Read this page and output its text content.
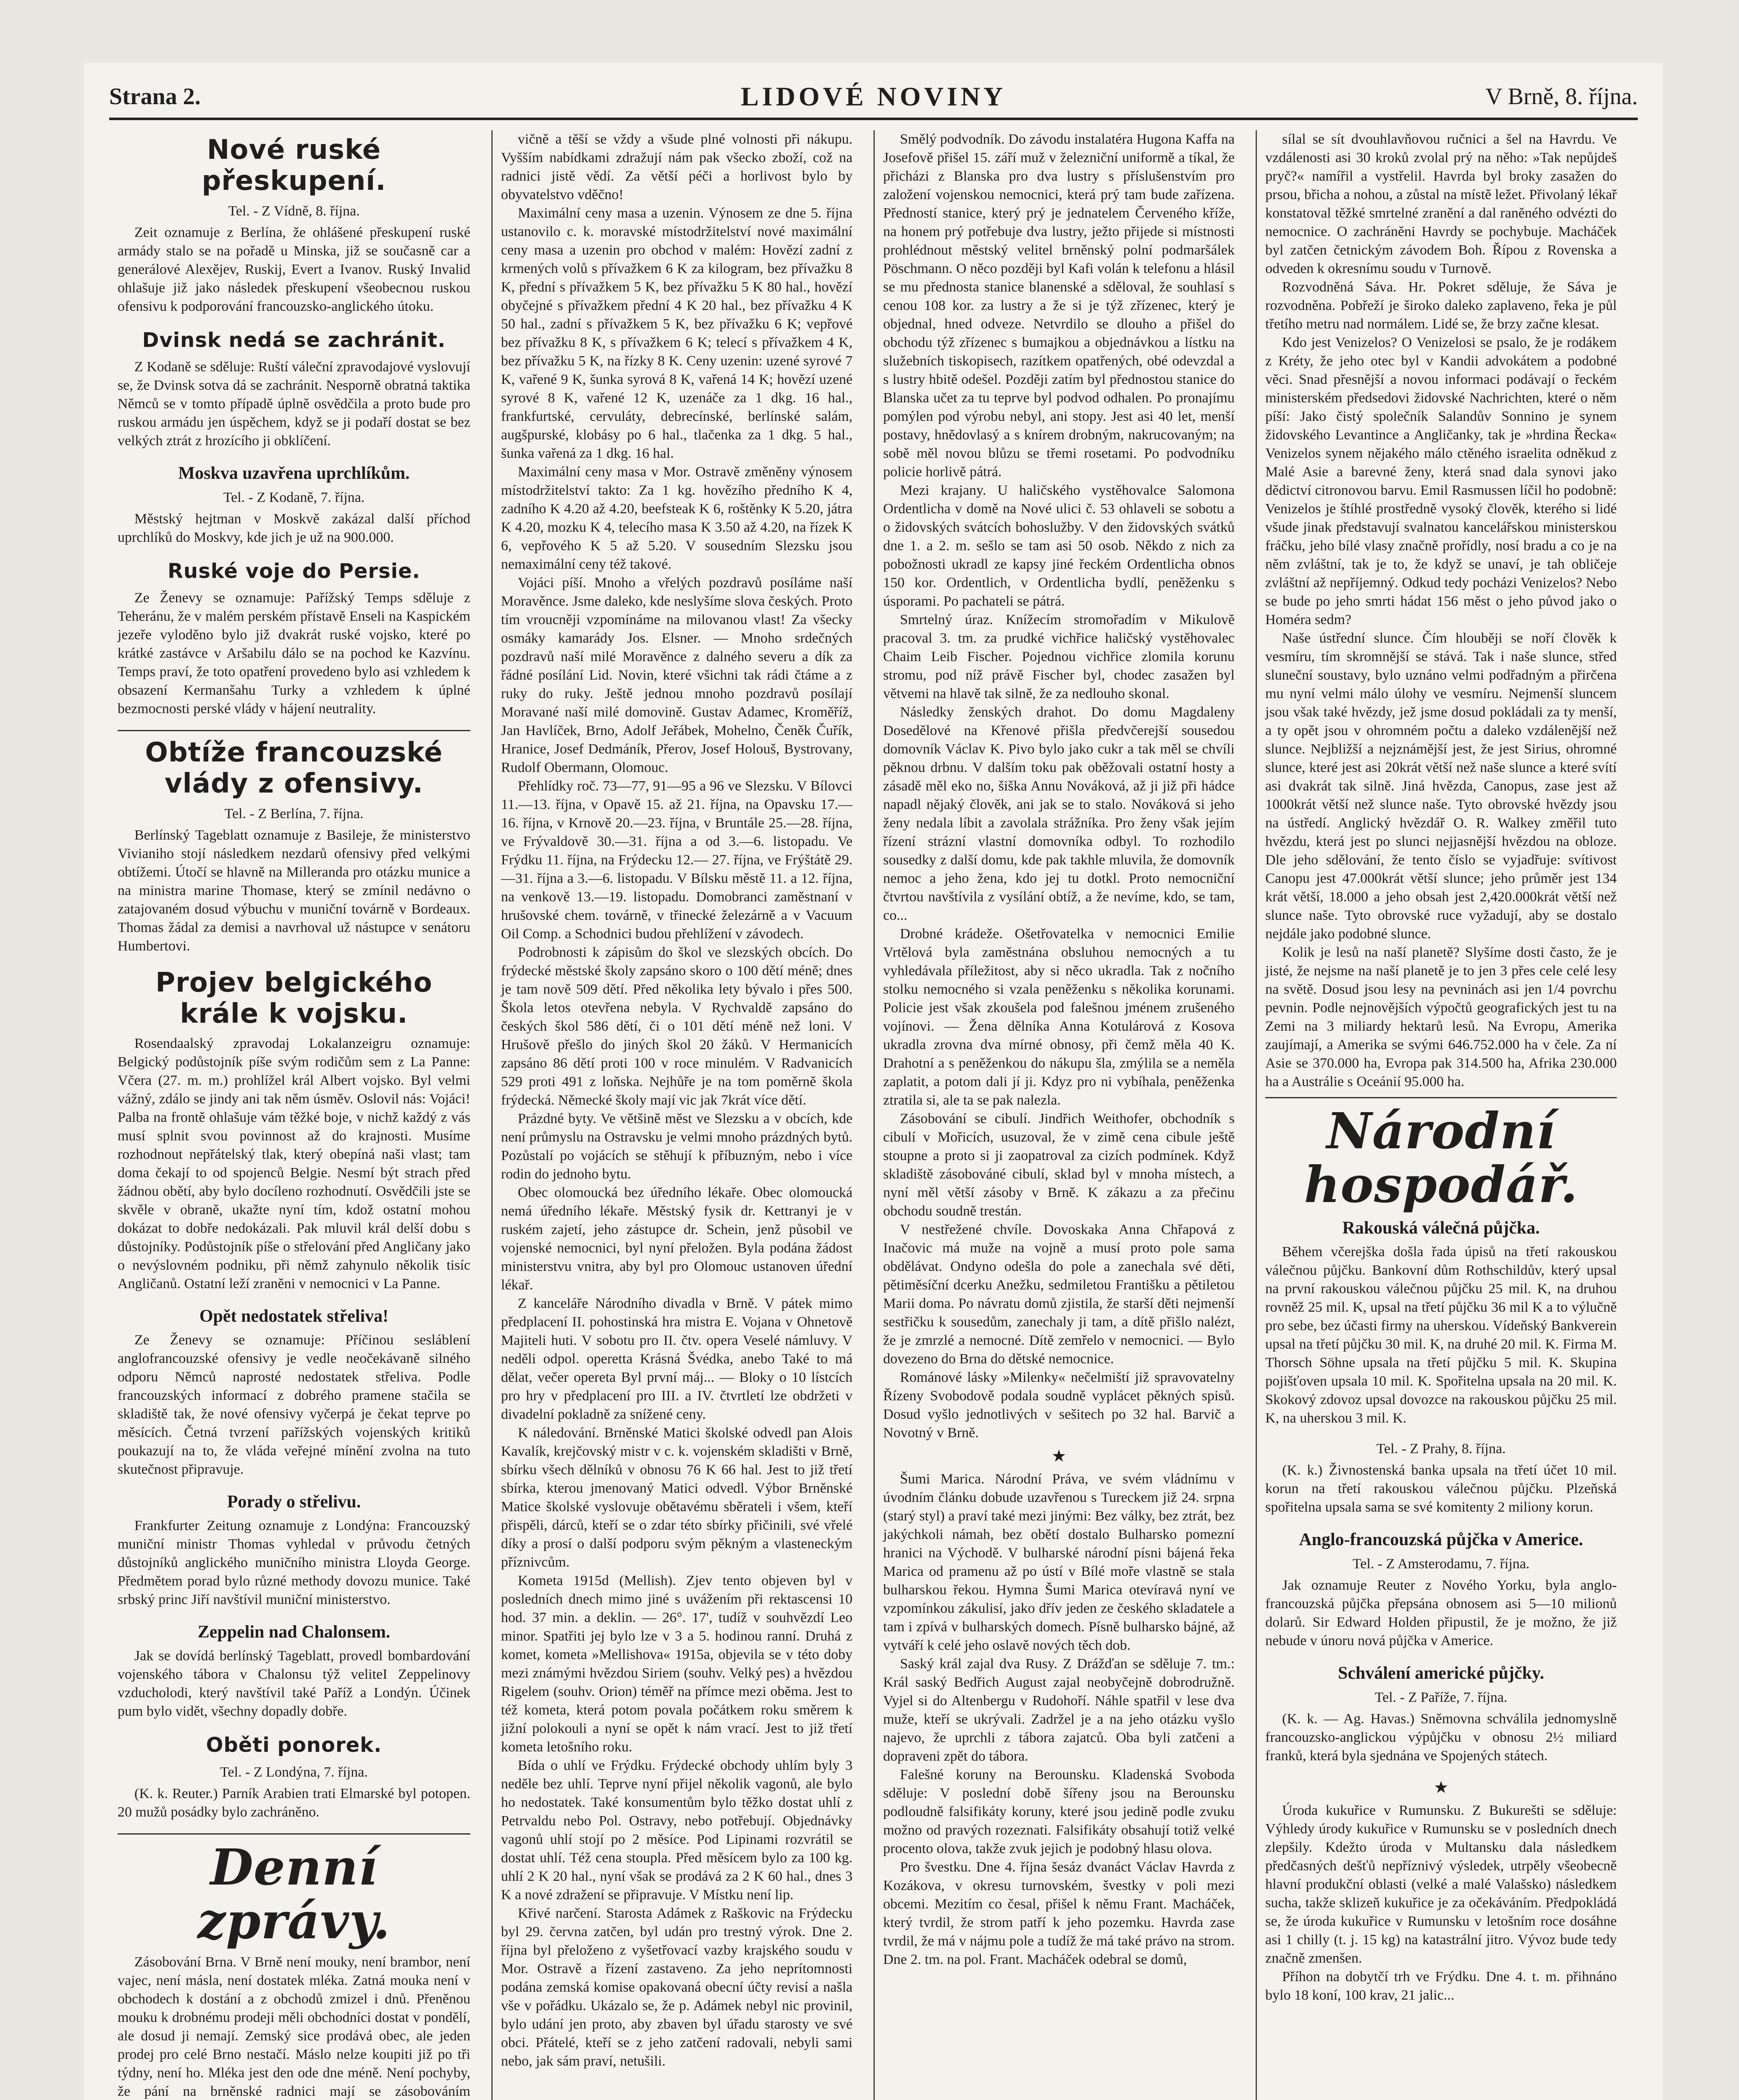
Strana 2.	LIDOVÉ NOVINY	V Brně, 8. října.
Nové ruské přeskupení.
Tel. - Z Vídně, 8. října.

Zeit oznamuje z Berlína, že ohlášené přeskupení ruské armády stalo se na pořadě u Minska, již se současně car a generálové Alexějev, Ruskij, Evert a Ivanov. Ruský Invalid ohlašuje již jako následek přeskupení všeobecnou ruskou ofensivu k podporování francouzsko-anglického útoku.

Dvinsk nedá se zachránit.

Z Kodaně se sděluje: Ruští váleční zpravodajové vyslovují se, že Dvinsk sotva dá se zachránit. Nesporně obratná taktika Němců se v tomto případě úplně osvědčila a proto bude pro ruskou armádu jen úspěchem, když se ji podaří dostat se bez velkých ztrát z hrozícího ji obklíčení.

Moskva uzavřena uprchlíkům.
Tel. - Z Kodaně, 7. října.

Městský hejtman v Moskvě zakázal další příchod uprchlíků do Moskvy, kde jich je už na 900.000.

Ruské voje do Persie.

Ze Ženevy se oznamuje: Pařížský Temps sděluje z Teheránu, že v malém perském přístavě Enseli na Kaspickém jezeře vyloděno bylo již dvakrát ruské vojsko, které po krátké zastávce v Aršabilu dálo se na pochod ke Kazvínu. Temps praví, že toto opatření provedeno bylo asi vzhledem k obsazení Kermanšahu Turky a vzhledem k úplné bezmocnosti perské vlády v hájení neutrality.

Obtíže francouzské vlády z ofensivy.
Tel. - Z Berlína, 7. října.

Berlínský Tageblatt oznamuje z Basileje, že ministerstvo Vivianiho stojí následkem nezdarů ofensivy před velkými obtížemi. Útočí se hlavně na Millerandа pro otázku munice a na ministra marine Thomase, který se zmínil nedávno o zatajovaném dosud výbuchu v muniční továrně v Bordeaux. Thomas žádal za demisi a navrhoval už nástupce v senátoru Humbertovi.

Projev belgického krále k vojsku.

Rosendaalský zpravodaj Lokalanzeigru oznamuje: Belgický podůstojník píše svým rodičům sem z La Panne: Včera (27. m. m.) prohlížel král Albert vojsko. Byl velmi vážný, zdálo se jindy ani tak něm úsměv. Oslovil nás: Vojáci! Palba na frontě ohlašuje vám těžké boje, v nichž každý z vás musí splnit svou povinnost až do krajnosti. Musíme rozhodnout nepřátelský tlak, který obepíná naši vlast; tam doma čekají to od spojenců Belgie. Nesmí být strach před žádnou obětí, aby bylo docíleno rozhodnutí. Osvědčili jste se skvěle v obraně, ukažte nyní tím, kdož ostatní mohou dokázat to dobře nedokázali. Pak mluvil král delší dobu s důstojníky. Podůstojník píše o střelování před Angličany jako o nevýslovném podniku, při němž zahynulo několik tisíc Angličanů. Ostatní leží zraněni v nemocnici v La Panne.

Opět nedostatek střeliva!

Ze Ženevy se oznamuje: Příčinou sesláblení anglofrancouzské ofensivy je vedle neočekávaně silného odporu Němců naprosté nedostatek střeliva. Podle francouzských informací z dobrého pramene stačila se skladiště tak, že nové ofensivy vyčerpá je čekat teprve po měsících. Četná tvrzení pařížských vojenských kritiků poukazují na to, že vláda veřejné mínění zvolna na tuto skutečnost připravuje.

Porady o střelivu.

Frankfurter Zeitung oznamuje z Londýna: Francouzský muniční ministr Thomas vyhledal v průvodu četných důstojníků anglického muničního ministra Lloyda George. Předmětem porad bylo různé methody dovozu munice. Také srbský princ Jiří navštívil muniční ministerstvo.

Zeppelin nad Chalonsem.

Jak se dovídá berlínský Tageblatt, provedl bombardování vojenského tábora v Chalonsu týž veliteI Zeppelinovy vzducholodi, který navštívil také Paříž a Londýn. Účinek pum bylo vidět, všechny dopadly dobře.

Oběti ponorek.
Tel. - Z Londýna, 7. října.

(K. k. Reuter.) Parník Arabien trati Elmarské byl potopen. 20 mužů posádky bylo zachráněno.

Denní zprávy.

Zásobování Brna. V Brně není mouky, není brambor, není vajec, není másla, není dostatek mléka. Zatná mouka není v obchodech k dostání a z obchodů zmizel i dnů. Přeněnou mouku k drobnému prodeji měli obchodníci dostat v pondělí, ale dosud ji nemají. Zemský sice prodává obec, ale jeden prodej pro celé Brno nestačí. Máslo nelze koupiti již po tři týdny, není ho. Mléka jest den ode dne méně. Není pochyby, že pání na brněnské radnici mají se zásobováním

vičně a těší se vždy a všude plné volnosti při nákupu. Vyšším nabídkami zdražují nám pak všecko zboží, což na radnici jistě vědí. Za větší péči a horlivost bylo by obyvatelstvo vděčno!

Maximální ceny masa a uzenin. Výnosem ze dne 5. října ustanovilo c. k. moravské místodržitelství nové maximální ceny masa a uzenin pro obchod v malém: Hovězí zadní z krmených volů s přívažkem 6 K za kilogram, bez přívažku 8 K, přední s přívažkem 5 K, bez přívažku 5 K 80 hal., hovězí obyčejné s přívažkem přední 4 K 20 hal., bez přívažku 4 K 50 hal., zadní s přívažkem 5 K, bez přívažku 6 K; vepřové bez přívažku 8 K, s přívažkem 6 K; telecí s přívažkem 4 K, bez přívažku 5 K, na řízky 8 K. Ceny uzenin: uzené syrové 7 K, vařené 9 K, šunka syrová 8 K, vařená 14 K; hovězí uzené syrové 8 K, vařené 12 K, uzenáče za 1 dkg. 16 hal., frankfurtské, cervuláty, debrecínské, berlínské salám, augšpurské, klobásy po 6 hal., tlačenka za 1 dkg. 5 hal., šunka vařená za 1 dkg. 16 hal.

Maximální ceny masa v Mor. Ostravě změněny výnosem místodržitelství takto: Za 1 kg. hovězího předního K 4, zadního K 4.20 až 4.20, beefsteak K 6, roštěnky K 5.20, játra K 4.20, mozku K 4, telecího masa K 3.50 až 4.20, na řízek K 6, vepřového K 5 až 5.20. V sousedním Slezsku jsou nemaximální ceny též takové.

Vojáci píší. Mnoho a vřelých pozdravů posíláme naší Moravěnce. Jsme daleko, kde neslyšíme slova českých. Proto tím vroucněji vzpomínáme na milovanou vlast! Za všecky osmáky kamarády Jos. Elsner. — Mnoho srdečných pozdravů naší milé Moravěnce z dalného severu a dík za řádné posílání Lid. Novin, které všichni tak rádi čtáme a z ruky do ruky. Ještě jednou mnoho pozdravů posílají Moravané naší milé domovině. Gustav Adamec, Kroměříž, Jan Havlíček, Brno, Adolf Jeřábek, Mohelno, Čeněk Čuřík, Hranice, Josef Dedmáník, Přerov, Josef Holouš, Bystrovany, Rudolf Obermann, Olomouc.

Přehlídky roč. 73—77, 91—95 a 96 ve Slezsku. V Bílovci 11.—13. října, v Opavě 15. až 21. října, na Opavsku 17.—16. října, v Krnově 20.—23. října, v Bruntále 25.—28. října, ve Frývaldově 30.—31. října a od 3.—6. listopadu. Ve Frýdku 11. října, na Frýdecku 12.— 27. října, ve Frýštátě 29.—31. října a 3.—6. listopadu. V Bílsku městě 11. a 12. října, na venkově 13.—19. listopadu. Domobranci zaměstnaní v hrušovské chem. továrně, v třinecké železárně a v Vacuum Oil Comp. a Schodnici budou přehlížení v závodech.

Podrobnosti k zápisům do škol ve slezských obcích. Do frýdecké městské školy zapsáno skoro o 100 dětí méně; dnes je tam nově 509 dětí. Před několika lety bývalo i přes 500. Škola letos otevřena nebyla. V Rychvaldě zapsáno do českých škol 586 dětí, či o 101 dětí méně než loni. V Hrušově přešlo do jiných škol 20 žáků. V Hermanicích zapsáno 86 dětí proti 100 v roce minulém. V Radvanicích 529 proti 491 z loňska. Nejhůře je na tom poměrně škola frýdecká. Německé školy mají vic jak 7krát více dětí.

Prázdné byty. Ve většině měst ve Slezsku a v obcích, kde není průmyslu na Ostravsku je velmi mnoho prázdných bytů. Pozůstalí po vojácích se stěhují k příbuzným, nebo i více rodin do jednoho bytu.

Obec olomoucká bez úředního lékaře. Obec olomoucká nemá úředního lékaře. Městský fysik dr. Kettranyi je v ruském zajetí, jeho zástupce dr. Schein, jenž působil ve vojenské nemocnici, byl nyní přeložen. Byla podána žádost ministerstvu vnitra, aby byl pro Olomouc ustanoven úřední lékař.

Z kanceláře Národního divadla v Brně. V pátek mimo předplacení II. pohostinská hra mistra E. Vojana v Ohnetově Majiteli huti. V sobotu pro II. čtv. opera Veselé námluvy. V neděli odpol. operetta Krásná Švédka, anebo Také to má dělat, večer opereta Byl první máj... — Bloky o 10 lístcích pro hry v předplacení pro III. a IV. čtvrtletí lze obdržeti v divadelní pokladně za snížené ceny.

K náledování. Brněnské Matici školské odvedl pan Alois Kavalík, krejčovský mistr v c. k. vojenském skladišti v Brně, sbírku všech dělníků v obnosu 76 K 66 hal. Jest to již třetí sbírka, kterou jmenovaný Matici odvedl. Výbor Brněnské Matice školské vyslovuje obětavému sběrateli i všem, kteří přispěli, dárců, kteří se o zdar této sbírky přičinili, své vřelé díky a prosí o další podporu svým pěkným a vlasteneckým příznivcům.

Kometa 1915d (Mellish). Zjev tento objeven byl v posledních dnech mimo jiné s uvážením při rektascensi 10 hod. 37 min. a deklin. — 26°. 17', tudíž v souhvězdí Leo minor. Spatřiti jej bylo lze v 3 a 5. hodinou ranní. Druhá z komet, kometa »Mellishova« 1915a, objevila se v této doby mezi známými hvězdou Siriem (souhv. Velký pes) a hvězdou Rigelem (souhv. Orion) téměř na přímce mezi oběma. Jest to též kometa, která potom povala počátkem roku směrem k jižní polokouli a nyní se opět k nám vrací. Jest to již třetí kometa letošního roku.

Bída o uhlí ve Frýdku. Frýdecké obchody uhlím byly 3 neděle bez uhlí. Teprve nyní přijel několik vagonů, ale bylo ho nedostatek. Také konsumentům bylo těžko dostat uhlí z Petrvaldu nebo Pol. Ostravy, nebo potřebují. Objednávky vagonů uhlí stojí po 2 měsíce. Pod Lipinami rozvrátil se dostat uhlí. Též cena stoupla. Před měsícem bylo za 100 kg. uhlí 2 K 20 hal., nyní však se prodává za 2 K 60 hal., dnes 3 K a nové zdražení se připravuje. V Místku není lip.

Křivé narčení. Starosta Adámek z Raškovic na Frýdecku byl 29. června zatčen, byl udán pro trestný výrok. Dne 2. října byl přeloženo z vyšetřovací vazby krajského soudu v Mor. Ostravě a řízení zastaveno. Za jeho neprítomnosti podána zemská komise opakovaná obecní účty revisí a našla vše v pořádku. Ukázalo se, že p. Adámek nebyl nic provinil, bylo udání jen proto, aby zbaven byl úřadu starosty ve své obci. Přátelé, kteří se z jeho zatčení radovali, nebyli sami nebo, jak sám praví, netušili.

Smělý podvodník. Do závodu instalatéra Hugona Kaffa na Josefově přišel 15. září muž v železniční uniformě a tíkal, že přicházi z Blanska pro dva lustry s příslušenstvím pro založení vojenskou nemocnici, která prý tam bude zařízena. Předností stanice, který prý je jednatelem Červeného kříže, na honem prý potřebuje dva lustry, ježto přijede si místnosti prohlédnout městský velitel brněnský polní podmaršálek Pöschmann. O něco později byl Kafi volán k telefonu a hlásil se mu přednosta stanice blanenské a sděloval, že souhlasí s cenou 108 kor. za lustry a že si je týž zřízenec, který je objednal, hned odveze. Netvrdilo se dlouho a přišel do obchodu týž zřízenec s bumajkou a objednávkou a lístku na služebních tiskopisech, razítkem opatřených, obé odevzdal a s lustry hbitě odešel. Později zatím byl přednostou stanice do Blanska učet za tu teprve byl podvod odhalen. Po pronajímu pomýlen pod výrobu nebyl, ani stopy. Jest asi 40 let, menší postavy, hnědovlasý a s knírem drobným, nakrucovaným; na sobě měl novou blůzu se třemi rosetami. Po podvodníku policie horlivě pátrá.

Mezi krajany. U haličského vystěhovalce Salomona Ordentlicha v domě na Nové ulici č. 53 ohlaveli se sobotu a o židovských svátcích bohoslužby. V den židovských svátků dne 1. a 2. m. sešlo se tam asi 50 osob. Někdo z nich za pobožnosti ukradl ze kapsy jiné řeckém Ordentlicha obnos 150 kor. Ordentlich, v Ordentlicha bydlí, peněženku s úsporami. Po pachateli se pátrá.

Smrtelný úraz. Knížecím stromořadím v Mikulově pracoval 3. tm. za prudké vichřice haličský vystěhovalec Chaim Leib Fischer. Pojednou vichřice zlomila korunu stromu, pod níž právě Fischer byl, chodec zasažen byl větvemi na hlavě tak silně, že za nedlouho skonal.

Následky ženských drahot. Do domu Magdaleny Dosedělové na Křenové přišla předvčerejší sousedou domovník Václav K. Pivo bylo jako cukr a tak měl se chvíli pěknou drbnu. V dalším toku pak oběžovali ostatní hosty a zásadě měl eko no, šiška Annu Nováková, až ji již při hádce napadl nějaký člověk, ani jak se to stalo. Nováková si jeho ženy nedala líbit a zavolala strážníka. Pro ženy však jejím řízení strázní vlastní domovníka odbyl. To rozhodilo sousedky z další domu, kde pak takhle mluvila, že domovník nemoc a jeho žena, kdo jej tu dotkl. Proto nemocniční čtvrtou navštívila z vysílání obtíž, a že nevíme, kdo, se tam, co...

Drobné krádeže. Ošetřovatelka v nemocnici Emilie Vrtělová byla zaměstnána obsluhou nemocných a tu vyhledávala příležitost, aby si něco ukradla. Tak z nočního stolku nemocného si vzala peněženku s několika korunami. Policie jest však zkoušela pod falešnou jménem zrušeného vojínovi. — Žena dělníka Anna Kotulárová z Kosova ukradla zrovna dva mírné obnosy, při čemž měla 40 K. Drahotní a s peněženkou do nákupu šla, zmýlila se a neměla zaplatit, a potom dali jí ji. Kdyz pro ni vybíhala, peněženka ztratila si, ale ta se pak nalezla.

Zásobování se cibulí. Jindřich Weithofer, obchodník s cibulí v Mořicích, usuzoval, že v zimě cena cibule ještě stoupne a proto si ji zaopatroval za cizích podmínek. Když skladiště zásobováné cibulí, sklad byl v mnoha místech, a nyní měl větší zásoby v Brně. K zákazu a za přečinu obchodu soudně trestán.

V nestřežené chvíle. Dovoskaka Anna Chřapová z Inačovic má muže na vojně a musí proto pole sama obdělávat. Ondyno odešla do pole a zanechala své děti, pětiměsíční dcerku Anežku, sedmiletou Františku a pětiletou Marii doma. Po návratu domů zjistila, že starší děti nejmenší sestřičku k sousedům, zanechaly ji tam, a dítě přišlo nalézt, že je zmrzlé a nemocné. Dítě zemřelo v nemocnici. — Bylo dovezeno do Brna do dětské nemocnice.

Románové lásky »Milenky« nečelmiští již spravovatelny Řízeny Svobodově podala soudně vyplácet pěkných spisů. Dosud vyšlo jednotlivých v sešitech po 32 hal. Barvič a Novotný v Brně.

★

Šumi Marica. Národní Práva, ve svém vládnímu v úvodním článku dobude uzavřenou s Tureckem již 24. srpna (starý styl) a praví také mezi jinými: Bez války, bez ztrát, bez jakýchkoli námah, bez obětí dostalo Bulharsko pomezní hranici na Východě. V bulharské národní písni bájená řeka Marica od pramenu až po ústí v Bílé moře vlastně se stala bulharskou řekou. Hymna Šumi Marica otevíravá nyní ve vzpomínkou zákulisí, jako dřív jeden ze českého skladatele a tam i zpívá v bulharských domech. Písně bulharsko bájné, až vytváří k celé jeho oslavě nových těch dob.

Saský král zajal dva Rusy. Z Drážďan se sděluje 7. tm.: Král saský Bedřich August zajal neobyčejně dobrodružně. Vyjel si do Altenbergu v Rudohoří. Náhle spatřil v lese dva muže, kteří se ukrývali. Zadržel je a na jeho otázku vyšlo najevo, že uprchli z tábora zajatců. Oba byli zatčeni a dopraveni zpět do tábora.

Falešné koruny na Berounsku. Kladenská Svoboda sděluje: V poslední době šířeny jsou na Berounsku podloudně falsifikáty koruny, které jsou jedině podle zvuku možno od pravých rozeznati. Falsifikáty obsahují totiž velké procento olova, takže zvuk jejich je podobný hlasu olova.

Pro švestku. Dne 4. října šesáz dvanáct Václav Havrda z Kozákova, v okresu turnovském, švestky v poli mezi obcemi. Mezitím co česal, přišel k němu Frant. Macháček, který tvrdil, že strom patří k jeho pozemku. Havrda zase tvrdil, že má v nájmu pole a tudíž že má také právo na strom. Dne 2. tm. na pol. Frant. Macháček odebral se domů,

sílal se sít dvouhlavňovou ručnici a šel na Havrdu. Ve vzdálenosti asi 30 kroků zvolal prý na něho: »Tak nepůjdeš pryč?« namířil a vystřelil. Havrda byl broky zasažen do prsou, břicha a nohou, a zůstal na místě ležet. Přivolaný lékař konstatoval těžké smrtelné zranění a dal raněného odvézti do nemocnice. O zachráněni Havrdy se pochybuje. Macháček byl zatčen četnickým závodem Boh. Řípou z Rovenska a odveden k okresnímu soudu v Turnově.

Rozvodněná Sáva. Hr. Pokret sděluje, že Sáva je rozvodněna. Pobřeží je široko daleko zaplaveno, řeka je půl třetího metru nad normálem. Lidé se, že brzy začne klesat.

Kdo jest Venizelos? O Venizelosi se psalo, že je rodákem z Kréty, že jeho otec byl v Kandii advokátem a podobné věci. Snad přesnější a novou informaci podávají o řeckém ministerském předsedovi židovské Nachrichten, které o něm píší: Jako čistý společník Salandův Sonnino je synem židovského Levantince a Angličanky, tak je »hrdina Řecka« Venizelos synem nějakého málo ctěného israelita odněkud z Malé Asie a barevné ženy, která snad dala synovi jako dědictví citronovou barvu. Emil Rasmussen líčil ho podobně: Venizelos je štíhlé prostředně vysoký člověk, kterého si lidé všude jinak představují svalnatou kancelářskou ministerskou fráčku, jeho bílé vlasy značně prořídly, nosí bradu a co je na něm zvláštní, tak je to, že když se unaví, je tah obličeje zvláštní až nepříjemný. Odkud tedy pocházi Venizelos? Nebo se bude po jeho smrti hádat 156 měst o jeho původ jako o Homéra sedm?

Naše ústřední slunce. Čím hlouběji se noří člověk k vesmíru, tím skromnější se stává. Tak i naše slunce, střed sluneční soustavy, bylo uznáno velmi podřadným a přirčena mu nyní velmi málo úlohy ve vesmíru. Nejmenší sluncem jsou však také hvězdy, jež jsme dosud pokládali za ty menší, a ty opět jsou v ohromném počtu a daleko vzdálenější než slunce. Nejbližší a nejznámější jest, že jest Sirius, ohromné slunce, které jest asi 20krát větší než naše slunce a které svítí asi dvakrát tak silně. Jiná hvězda, Canopus, zase jest až 1000krát větší než slunce naše. Tyto obrovské hvězdy jsou na ústředí. Anglický hvězdář O. R. Walkey změřil tuto hvězdu, která jest po slunci nejjasnější hvězdou na obloze. Dle jeho sdělování, že tento číslo se vyjadřuje: svítivost Canopu jest 47.000krát větší slunce; jeho průměr jest 134 krát větší, 18.000 a jeho obsah jest 2,420.000krát větší než slunce naše. Tyto obrovské ruce vyžadují, aby se dostalo nejdále jako podobné slunce.

Kolik je lesů na naší planetě? Slyšíme dosti často, že je jisté, že nejsme na naší planetě je to jen 3 přes cele celé lesy na světě. Dosud jsou lesy na pevninách asi jen 1/4 povrchu pevnin. Podle nejnovějších výpočtů geografických jest tu na Zemi na 3 miliardy hektarů lesů. Na Evropu, Amerika zaujímají, a Amerika se svými 646.752.000 ha v čele. Za ní Asie se 370.000 ha, Evropa pak 314.500 ha, Afrika 230.000 ha a Austrálie s Oceánií 95.000 ha.

Národní hospodář.
Rakouská válečná půjčka.

Během včerejška došla řada úpisů na třetí rakouskou válečnou půjčku. Bankovní dům Rothschildův, který upsal na první rakouskou válečnou půjčku 25 mil. K, na druhou rovněž 25 mil. K, upsal na třetí půjčku 36 mil K a to výlučně pro sebe, bez účasti firmy na uherskou. Vídeňský Bankverein upsal na třetí půjčku 30 mil. K, na druhé 20 mil. K. Firma M. Thorsch Söhne upsala na třetí půjčku 5 mil. K. Skupina pojišťoven upsala 10 mil. K. Spořitelna upsala na 20 mil. K. Skokový zdovoz upsal dovozce na rakouskou půjčku 25 mil. K, na uherskou 3 mil. K.

Tel. - Z Prahy, 8. října.

(K. k.) Živnostenská banka upsala na třetí účet 10 mil. korun na třetí rakouskou válečnou půjčku. Plzeňská spořitelna upsala sama se své komitenty 2 miliony korun.

Anglo-francouzská půjčka v Americe.
Tel. - Z Amsterodamu, 7. října.

Jak oznamuje Reuter z Nového Yorku, byla anglo-francouzská půjčka přepsána obnosem asi 5—10 milionů dolarů. Sir Edward Holden připustil, že je možno, že již nebude v únoru nová půjčka v Americe.

Schválení americké půjčky.
Tel. - Z Paříže, 7. října.

(K. k. — Ag. Havas.) Sněmovna schválila jednomyslně francouzsko-anglickou výpůjčku v obnosu 2½ miliard franků, která byla sjednána ve Spojených státech.

★

Úroda kukuřice v Rumunsku. Z Bukurešti se sděluje: Výhledy úrody kukuřice v Rumunsku se v posledních dnech zlepšily. Kdežto úroda v Multansku dala následkem předčasných dešťů nepříznivý výsledek, utrpěly všeobecně hlavní produkční oblasti (velké a malé Valašsko) následkem sucha, takže sklizeň kukuřice je za očekáváním. Předpokládá se, že úroda kukuřice v Rumunsku v letošním roce dosáhne asi 1 chilly (t. j. 15 kg) na katastrální jitro. Vývoz bude tedy značně zmenšen.

Příhon na dobytčí trh ve Frýdku. Dne 4. t. m. přihnáno bylo 18 koní, 100 krav, 21 jalic...
